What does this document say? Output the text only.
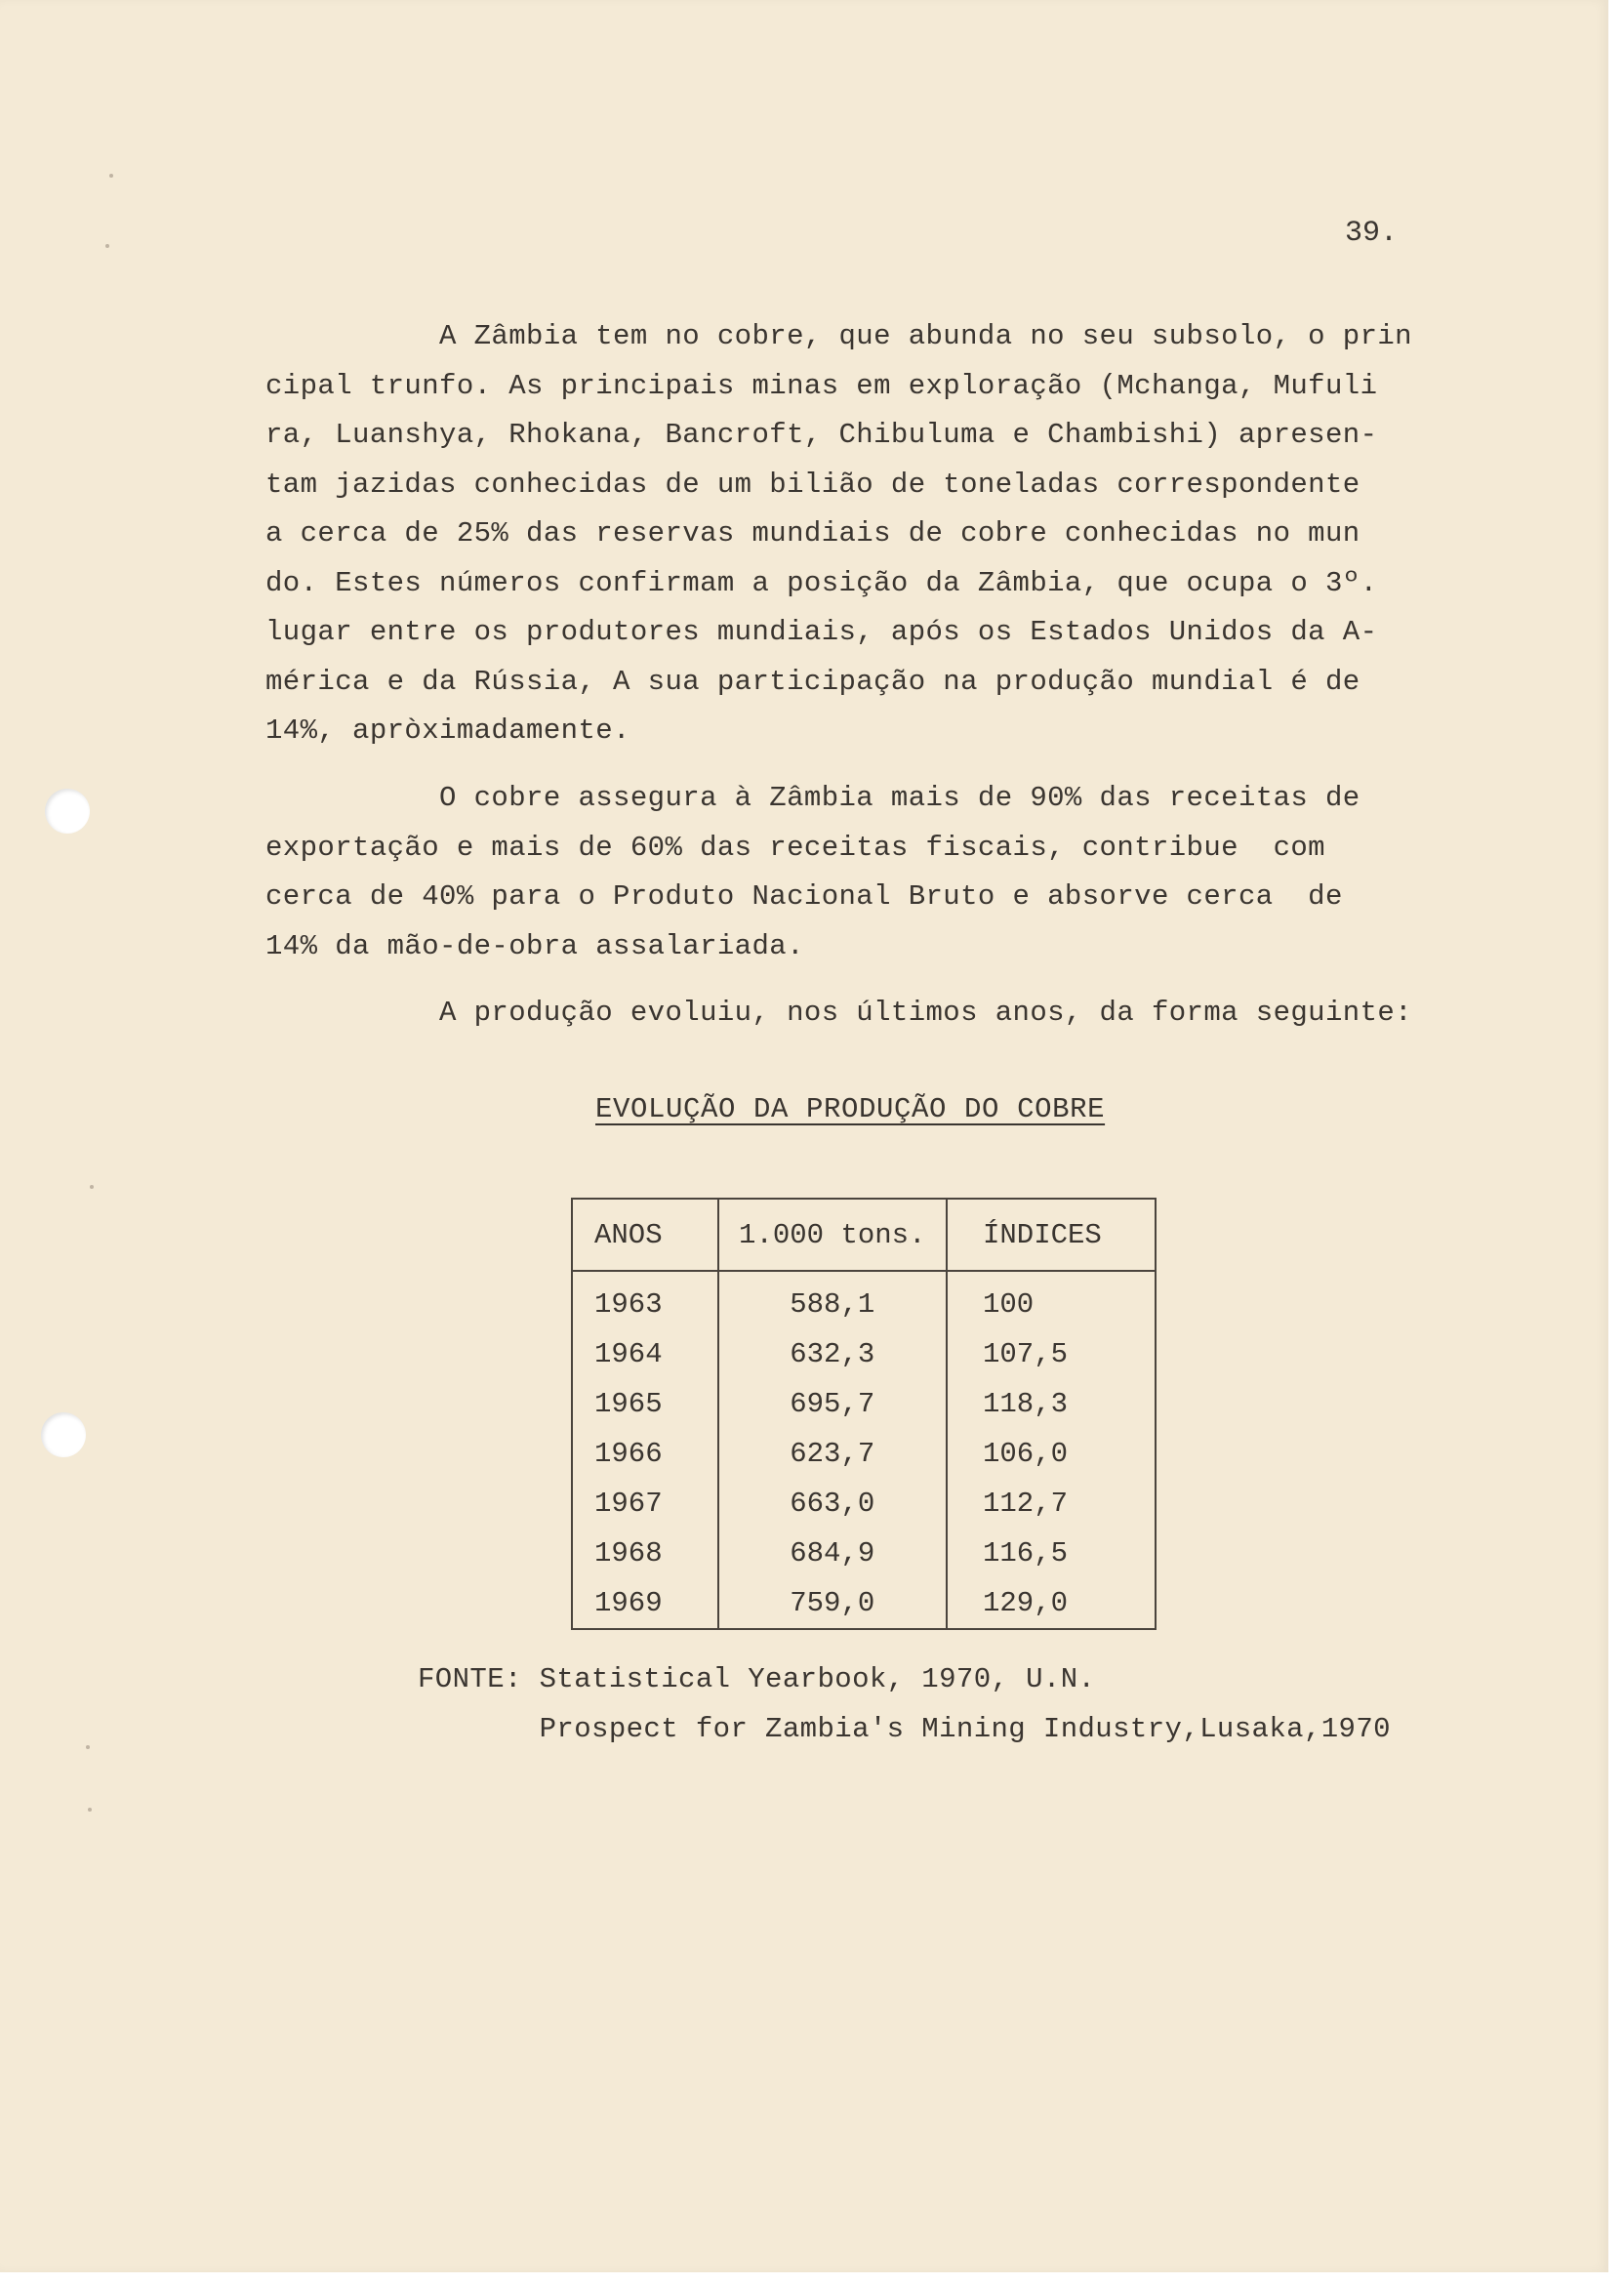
39.
A Zâmbia tem no cobre, que abunda no seu subsolo, o prin
cipal trunfo. As principais minas em exploração (Mchanga, Mufuli
ra, Luanshya, Rhokana, Bancroft, Chibuluma e Chambishi) apresen-
tam jazidas conhecidas de um bilião de toneladas correspondente
a cerca de 25% das reservas mundiais de cobre conhecidas no mun
do. Estes números confirmam a posição da Zâmbia, que ocupa o 3º.
lugar entre os produtores mundiais, após os Estados Unidos da A-
mérica e da Rússia, A sua participação na produção mundial é de
14%, apròximadamente.
O cobre assegura à Zâmbia mais de 90% das receitas de
exportação e mais de 60% das receitas fiscais, contribue  com
cerca de 40% para o Produto Nacional Bruto e absorve cerca  de
14% da mão-de-obra assalariada.
A produção evoluiu, nos últimos anos, da forma seguinte:
EVOLUÇÃO DA PRODUÇÃO DO COBRE
ANOS	1.000 tons.	ÍNDICES
1963	588,1	100
1964	632,3	107,5
1965	695,7	118,3
1966	623,7	106,0
1967	663,0	112,7
1968	684,9	116,5
1969	759,0	129,0
FONTE: Statistical Yearbook, 1970, U.N.
Prospect for Zambia's Mining Industry,Lusaka,1970
